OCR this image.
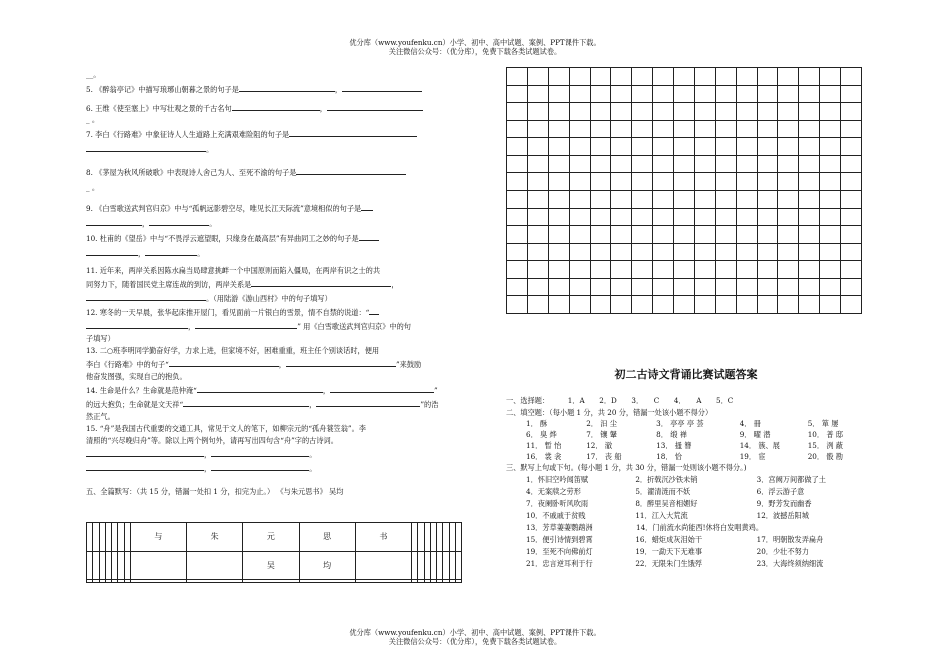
优分库（www.youfenku.cn）小学、初中、高中试题、案例、PPT课件下载。
关注微信公众号：（优分库），免费下载各类试题试卷。
__。
5. 《醉翁亭记》中描写琅琊山朝暮之景的句子是	，
6. 王维《使至塞上》中写壮观之景的千古名句	，
_ 。
7. 李白《行路难》中象征诗人人生道路上充满艰难险阻的句子是
。
8. 《茅屋为秋风所破歌》中表现诗人舍己为人、至死不渝的句子是
_ 。
9. 《白雪歌送武判官归京》中与“孤帆远影碧空尽，唯见长江天际流”意境相似的句子是
，	。
10. 杜甫的《望岳》中与“不畏浮云遮望眼，只缘身在最高层”有异曲同工之妙的句子是
，	。
11. 近年来，两岸关系因陈水扁当局肆意挑衅一个中国原则而陷入僵局，在两岸有识之士的共
同努力下，随着国民党主席连战的到访，两岸关系是	，
。（用陆游《游山西村》中的句子填写）
12. 寒冬的一天早晨，张华起床推开屋门，看见面前一片银白的雪景，情不自禁的说道：“
，	” 用《白雪歌送武判官归京》中的句
子填写）
13. 二○班李明同学勤奋好学，力求上进，但家境不好，困难重重，班主任个别谈话时，便用
李白《行路难》中的句子“	，	”来鼓励
他奋发图强，实现自己的抱负。
14. 生命是什么？生命就是范仲淹“	，	”
的远大抱负；生命就是文天祥“	，	”的浩
然正气。
15. “舟”是我国古代重要的交通工具，常见于文人的笔下，如柳宗元的“孤舟蓑笠翁”。李
清照的“兴尽晚归舟”等。除以上两个例句外，请再写出四句含“舟”字的古诗词。
，	。
，	。
五、全篇默写：（共 15 分，错漏一处扣 1 分，扣完为止。） 《与朱元思书》 吴均
							与	朱	元	思	书								
									吴	均									

初二古诗文背诵比赛试题答案
一、选择题：	1．A 2．D 3． C 4． A 5．C
二、填空题：（每小题 1 分，共 20 分，错漏一处该小题不得分）
1． 酥	2． 汩 尘	3． 亭亭 亭 荟	4． 冊	5． 箪 屡
6． 臭 烨	7． 镶 鞶	8． 缎 禅	9． 曜 潜	10． 普 邸
11． 暂 怡	12． 澈	13． 搔 簪	14． 簇、展	15． 洌 蔽
16． 裳 衾	17． 丧 船	18． 恰	19． 宦	20． 骰 勘
三、默写上句或下句。(每小题 1 分，共 30 分，错漏一处则该小题不得分。)
1．怀旧空吟闻笛赋	2．折戟沉沙铁未销	3．宫阙万间都做了土
4．无案牍之劳形	5．濯清涟而不妖	6．浮云游子意
7．夜阑卧听风吹雨	8．醉里吴音相媚好	9．野芳发而幽香
10．不戚戚于贫贱	11．江入大荒流	12．波撼岳阳城
13．芳草萋萋鹦鹉洲	14．门前流水尚能西!休将白发唱黄鸡。
15．便引诗情到碧霄	16．蜡炬成灰泪始干	17．明朝散发弄扁舟
19．至死不向佛前灯	19．一勐天下无难事	20．少壮不努力
21．忠言逆耳利于行	22．无限朱门生饿殍	23．大海终须纳细流
优分库（www.youfenku.cn）小学、初中、高中试题、案例、PPT课件下载。
关注微信公众号：（优分库），免费下载各类试题试卷。
